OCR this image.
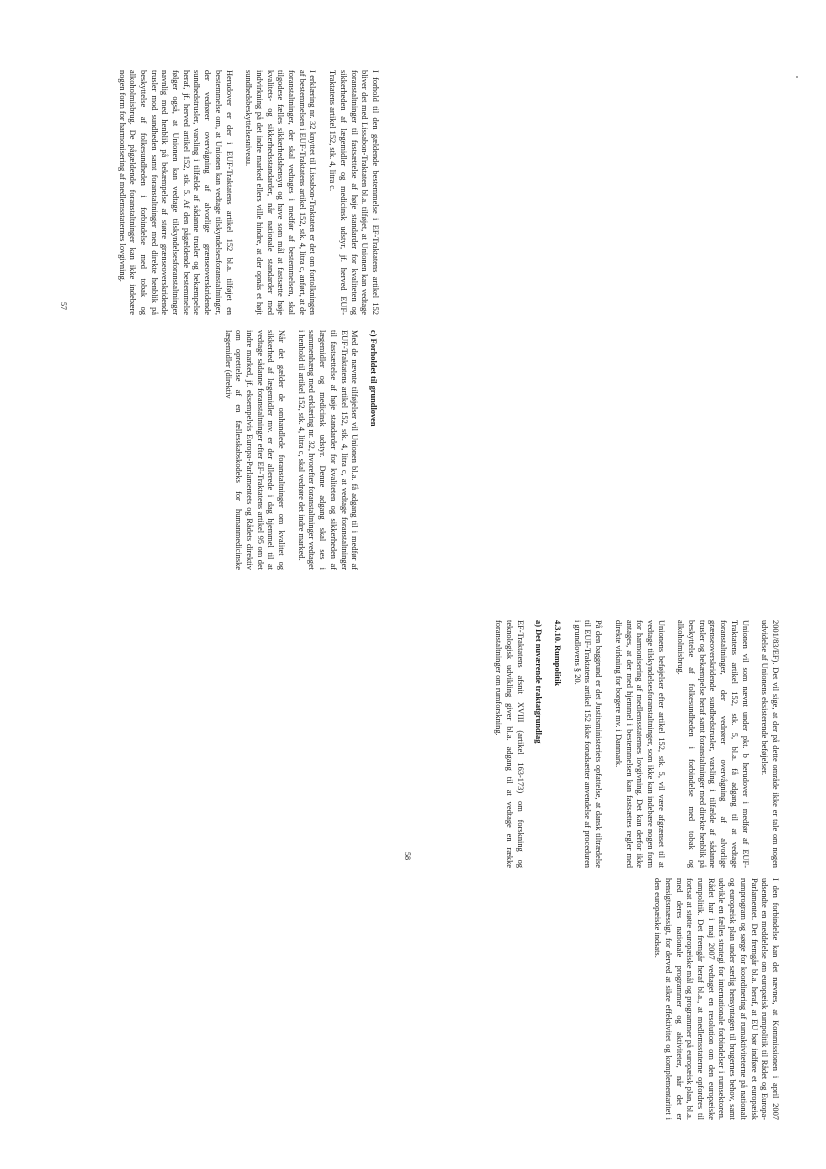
I forhold til den gældende bestemmelse i EF-Traktatens artikel 152 bliver det med Lissabon-Traktaten bl.a. tilføjet, at Unionen kan vedtage foranstaltninger til fastsættelse af høje standarder for kvaliteten og sikkerheden af lægemidler og medicinsk udstyr, jf. herved EUF-Traktatens artikel 152, stk. 4, litra c.

I erklæring nr. 32 knyttet til Lissabon-Traktaten er det om fortolkningen af bestemmelsen i EUF-Traktatens artikel 152, stk. 4, litra c, anført, at de foranstaltninger, der skal vedtages i medfør af bestemmelsen, skal tilgodese fælles sikkerhedshensyn og have som mål at fastsætte høje kvalitets- og sikkerhedsstandarder, når nationale standarder med indvirkning på det indre marked ellers ville hindre, at der opnås et højt sundhedsbeskyttelsesniveau.

Herudover er der i EUF-Traktatens artikel 152 bl.a. tilføjet en bestemmelse om, at Unionen kan vedtage tilskyndelsesforanstaltninger, der vedrører overvågning af alvorlige grænseoverskridende sundhedstrusler, varsling i tilfælde af sådanne trusler og bekæmpelse heraf, jf. herved artikel 152, stk. 5. Af den pågældende bestemmelse følger også, at Unionen kan vedtage tilskyndelsesforanstaltninger navnlig med henblik på bekæmpelse af større grænseoverskridende trusler mod sundheden samt foranstaltninger med direkte henblik på beskyttelse af folkesundheden i forbindelse med tobak og alkoholmisbrug. De pågældende foranstaltninger kan ikke indebære nogen form for harmonisering af medlemsstaternes lovgivning.

c) Forholdet til grundloven

Med de nævnte tilføjelser vil Unionen bl.a. få adgang til i medfør af EUF-Traktatens artikel 152, stk. 4, litra c, at vedtage foranstaltninger til fastsættelse af høje standarder for kvaliteten og sikkerheden af lægemidler og medicinsk udstyr. Denne adgang skal ses i sammenhæng med erklæring nr. 32, hvorefter foranstaltninger vedtaget i henhold til artikel 152, stk. 4, litra c, skal vedrøre det indre marked.

Når det gælder de omhandlede foranstaltninger om kvalitet og sikkerhed af lægemidler mv. er der allerede i dag hjemmel til at vedtage sådanne foranstaltninger efter EF-Traktatens artikel 95 om det indre marked, jf. eksempelvis Europa-Parlamentets og Rådets direktiv om oprettelse af en fællesskabskodeks for humanmedicinske lægemidler (direktiv

57

2001/83/EF). Det vil sige, at der på dette område ikke er tale om nogen udvidelse af Unionens eksisterende beføjelser.

Unionen vil som nævnt under pkt. b herudover i medfør af EUF-Traktatens artikel 152, stk. 5, bl.a. få adgang til at vedtage foranstaltninger, der vedrører overvågning af alvorlige grænseoverskridende sundhedstrusler, varsling i tilfælde af sådanne trusler og bekæmpelse heraf samt foranstaltninger med direkte henblik på beskyttelse af folkesundheden i forbindelse med tobak og alkoholmisbrug.

Unionens beføjelser efter artikel 152, stk. 5, vil være afgrænset til at vedtage tilskyndelsesforanstaltninger, som ikke kan indebære nogen form for harmonisering af medlemsstaternes lovgivning. Det kan derfor ikke antages, at der med hjemmel i bestemmelsen kan fastsættes regler med direkte virkning for borgere mv. i Danmark.

På den baggrund er det Justitsministeriets opfattelse, at dansk tiltrædelse til EUF-Traktatens artikel 152 ikke forudsætter anvendelse af proceduren i grundlovens § 20.

4.3.10. Rumpolitik
a) Det nuværende traktatgrundlag

EF-Traktatens afsnit XVIII (artikel 163-173) om forskning og teknologisk udvikling giver bl.a. adgang til at vedtage en række foranstaltninger om rumforskning.

I den forbindelse kan det nævnes, at Kommissionen i april 2007 udsendte en meddelelse om europæisk rumpolitik til Rådet og Europa-Parlamentet. Det fremgår bl.a. heraf, at EU bør indføre et europæisk rumprogram og sørge for koordinering af rumaktiviteterne på nationalt og europæisk plan under særlig hensyntagen til brugernes behov, samt udvikle en fælles strategi for internationale forbindelser i rumsektoren. Rådet har i maj 2007 vedtaget en resolution om den europæiske rumpolitik. Det fremgår heraf bl.a., at medlemsstaterne opfordres til fortsat at støtte europæiske mål og programmer på europæisk plan, bl.a. med deres nationale programmer og aktiviteter, når det er hensigtsmæssigt, for derved at sikre effektivitet og komplementaritet i den europæiske indsats.

58
